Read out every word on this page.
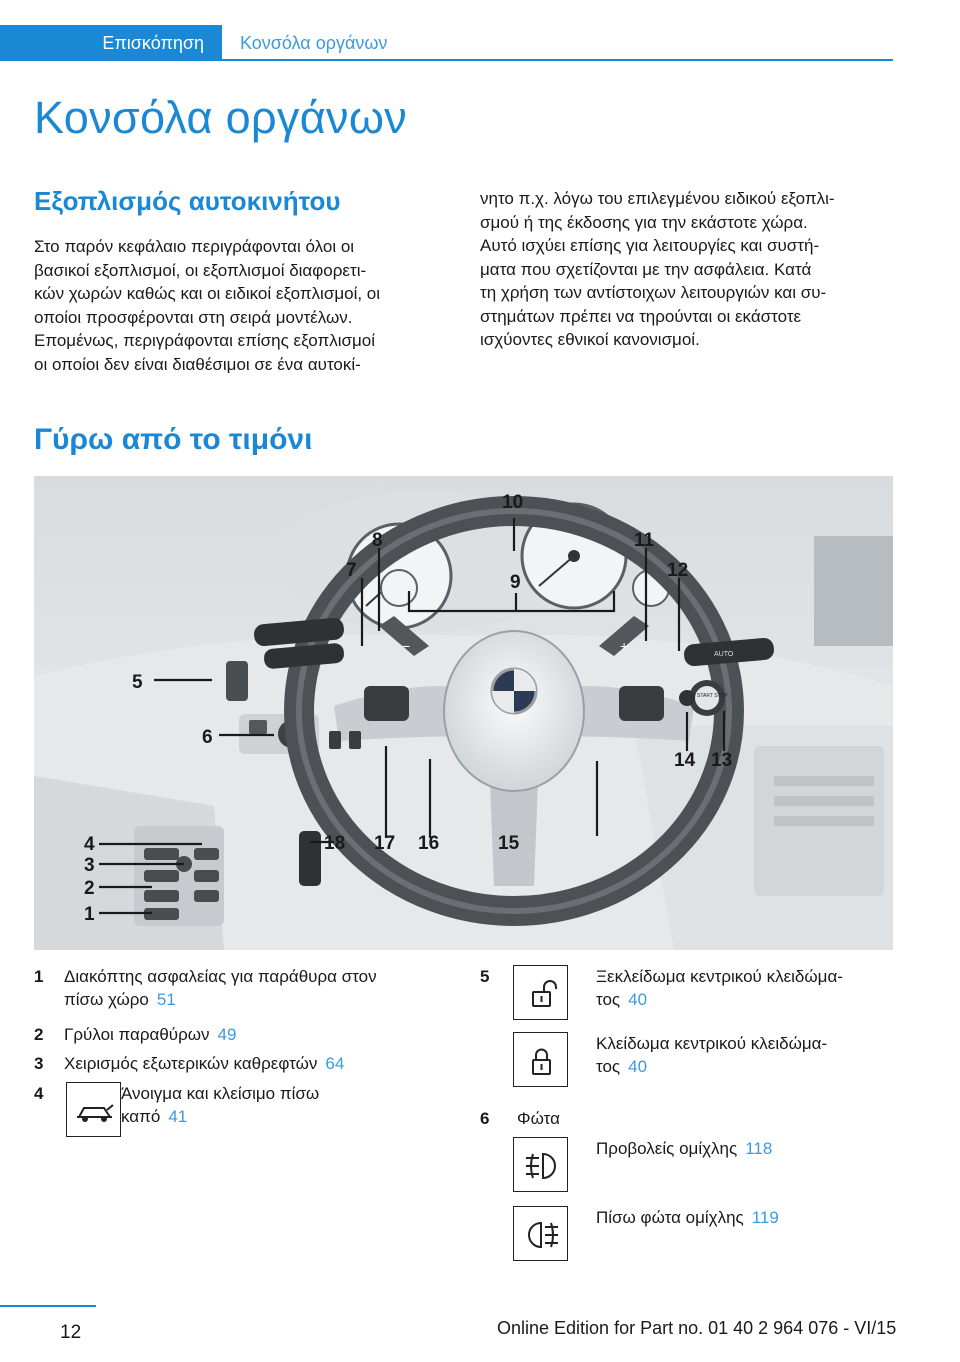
Επισκόπηση	Κονσόλα οργάνων
Κονσόλα οργάνων
Εξοπλισμός αυτοκινήτου
Στο παρόν κεφάλαιο περιγράφονται όλοι οι
βασικοί εξοπλισμοί, οι εξοπλισμοί διαφορετι-
κών χωρών καθώς και οι ειδικοί εξοπλισμοί, οι
οποίοι προσφέρονται στη σειρά μοντέλων.
Επομένως, περιγράφονται επίσης εξοπλισμοί
οι οποίοι δεν είναι διαθέσιμοι σε ένα αυτοκί-
νητο π.χ. λόγω του επιλεγμένου ειδικού εξοπλι-
σμού ή της έκδοσης για την εκάστοτε χώρα.
Αυτό ισχύει επίσης για λειτουργίες και συστή-
ματα που σχετίζονται με την ασφάλεια. Κατά
τη χρήση των αντίστοιχων λειτουργιών και συ-
στημάτων πρέπει να τηρούνται οι εκάστοτε
ισχύοντες εθνικοί κανονισμοί.
Γύρω από το τιμόνι
−	+
AUTO
START STOP
1
2
3
4
5
6
7
8
9
10
11
12
13
14
15
16
17
18
1 Διακόπτης ασφαλείας για παράθυρα στον
πίσω χώρο 51
2 Γρύλοι παραθύρων 49
3 Χειρισμός εξωτερικών καθρεφτών 64
4	Άνοιγμα και κλείσιμο πίσω
καπό 41
5	Ξεκλείδωμα κεντρικού κλειδώμα-
τος 40
Κλείδωμα κεντρικού κλειδώμα-
τος 40
6 Φώτα
Προβολείς ομίχλης 118
Πίσω φώτα ομίχλης 119
12	Online Edition for Part no. 01 40 2 964 076 - VI/15
